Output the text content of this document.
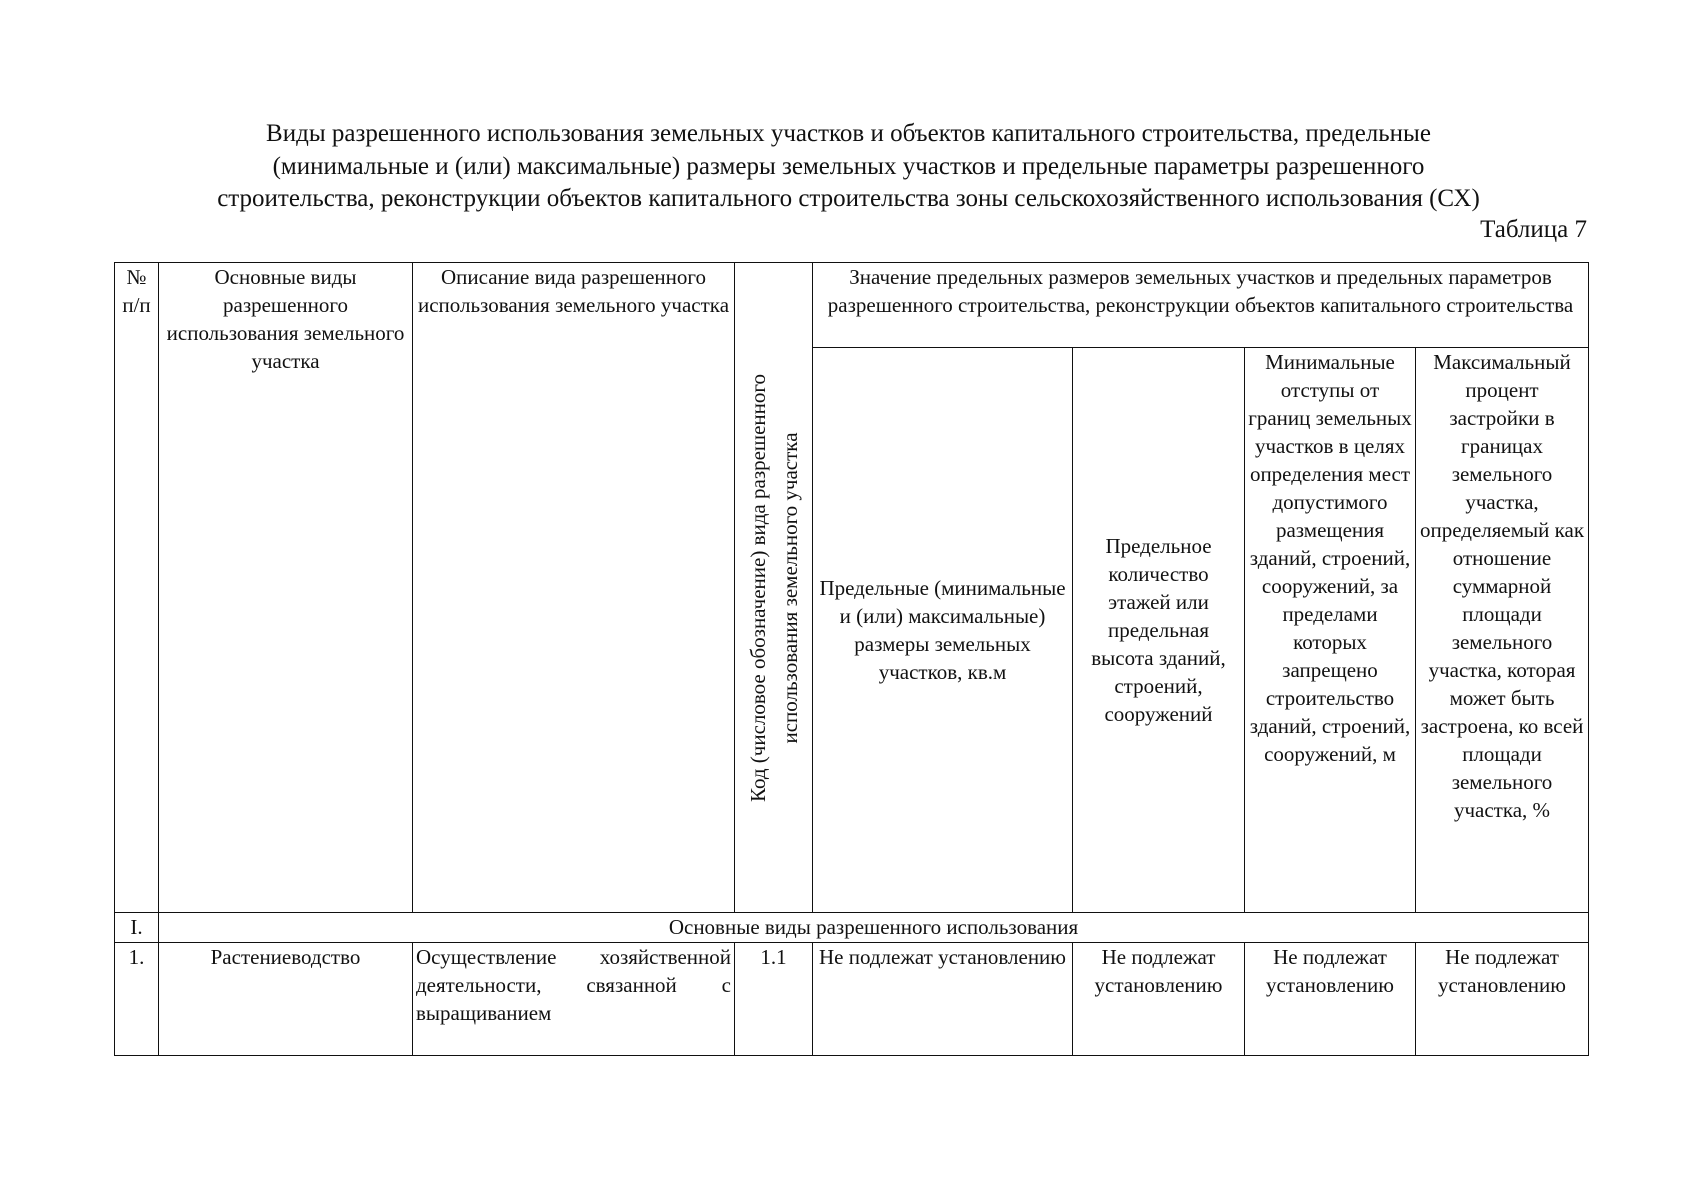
Виды разрешенного использования земельных участков и объектов капитального строительства, предельные
(минимальные и (или) максимальные) размеры земельных участков и предельные параметры разрешенного
строительства, реконструкции объектов капитального строительства зоны сельскохозяйственного использования (СХ)
Таблица 7
№ п/п	Основные виды разрешенного использования земельного участка	Описание вида разрешенного использования земельного участка	Код (числовое обозначение) вида разрешенного использования земельного участка	Значение предельных размеров земельных участков и предельных параметров разрешенного строительства, реконструкции объектов капитального строительства			
				Предельные (минимальные и (или) максимальные) размеры земельных участков, кв.м	Предельное количество этажей или предельная высота зданий, строений, сооружений	Минимальные отступы от границ земельных участков в целях определения мест допустимого размещения зданий, строений, сооружений, за пределами которых запрещено строительство зданий, строений, сооружений, м	Максимальный процент застройки в границах земельного участка, определяемый как отношение суммарной площади земельного участка, которая может быть застроена, ко всей площади земельного участка, %
I.	Основные виды разрешенного использования						
1.	Растениеводство	Осуществление хозяйственной деятельности, связанной с выращиванием	1.1	Не подлежат установлению	Не подлежат установлению	Не подлежат установлению	Не подлежат установлению
